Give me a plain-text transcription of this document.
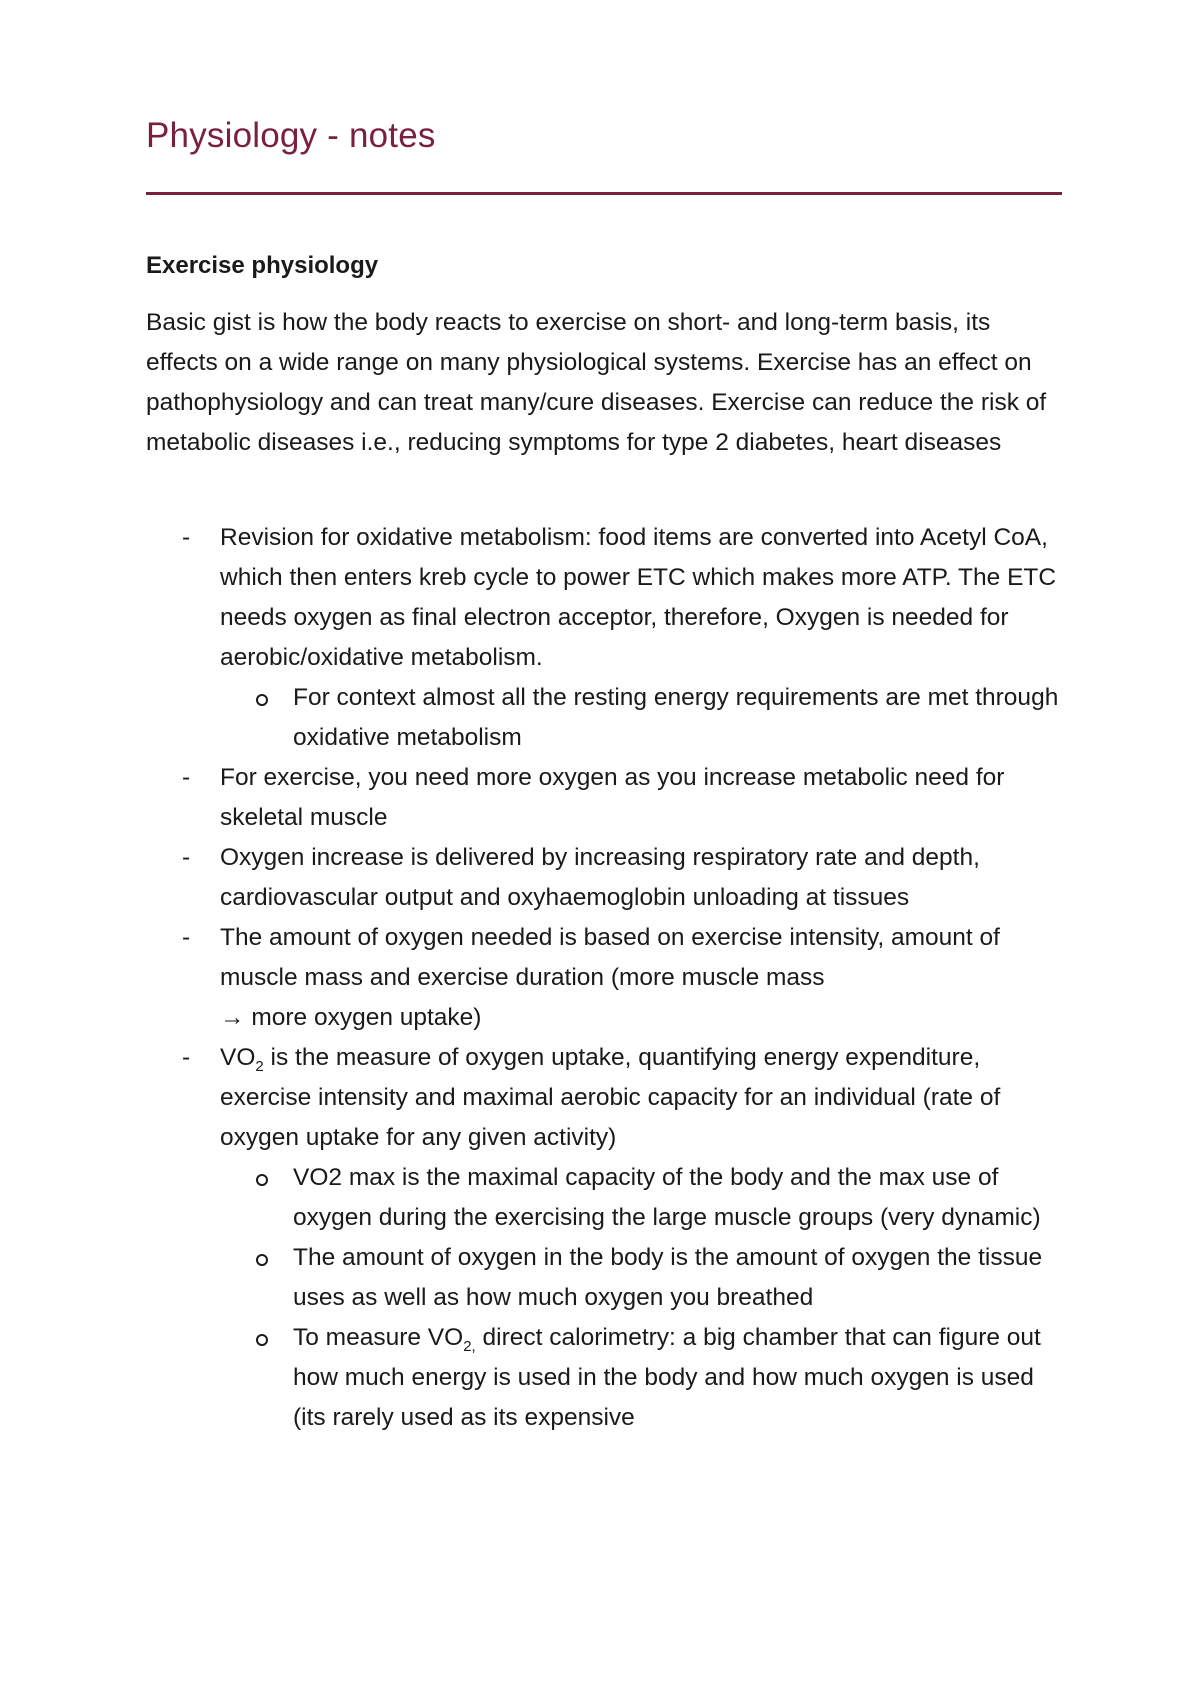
Physiology - notes
Exercise physiology

Basic gist is how the body reacts to exercise on short- and long-term basis, its effects on a wide range on many physiological systems. Exercise has an effect on pathophysiology and can treat many/cure diseases. Exercise can reduce the risk of metabolic diseases i.e., reducing symptoms for type 2 diabetes, heart diseases

- Revision for oxidative metabolism: food items are converted into Acetyl CoA, which then enters kreb cycle to power ETC which makes more ATP. The ETC needs oxygen as final electron acceptor, therefore, Oxygen is needed for aerobic/oxidative metabolism.
For context almost all the resting energy requirements are met through oxidative metabolism
- For exercise, you need more oxygen as you increase metabolic need for skeletal muscle
- Oxygen increase is delivered by increasing respiratory rate and depth, cardiovascular output and oxyhaemoglobin unloading at tissues
- The amount of oxygen needed is based on exercise intensity, amount of muscle mass and exercise duration (more muscle mass
→ more oxygen uptake)
- $VO_2$ is the measure of oxygen uptake, quantifying energy expenditure, exercise intensity and maximal aerobic capacity for an individual (rate of oxygen uptake for any given activity)
VO2 max is the maximal capacity of the body and the max use of oxygen during the exercising the large muscle groups (very dynamic)
The amount of oxygen in the body is the amount of oxygen the tissue uses as well as how much oxygen you breathed
To measure $VO_{2,}$ direct calorimetry: a big chamber that can figure out how much energy is used in the body and how much oxygen is used (its rarely used as its expensive
